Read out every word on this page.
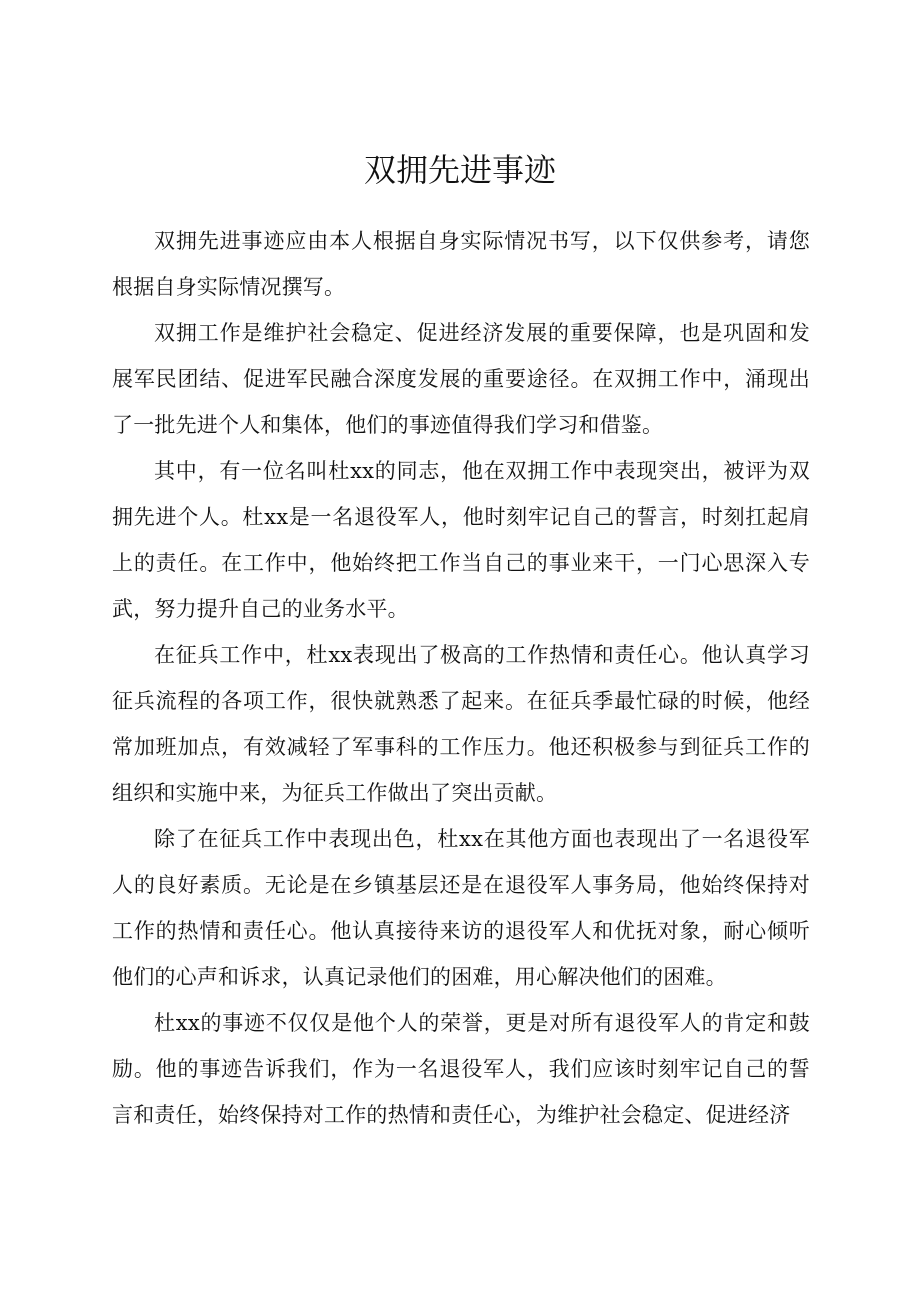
双拥先进事迹

双拥先进事迹应由本人根据自身实际情况书写，以下仅供参考，请您根据自身实际情况撰写。

双拥工作是维护社会稳定、促进经济发展的重要保障，也是巩固和发展军民团结、促进军民融合深度发展的重要途径。在双拥工作中，涌现出了一批先进个人和集体，他们的事迹值得我们学习和借鉴。

其中，有一位名叫杜xx的同志，他在双拥工作中表现突出，被评为双拥先进个人。杜xx是一名退役军人，他时刻牢记自己的誓言，时刻扛起肩上的责任。在工作中，他始终把工作当自己的事业来干，一门心思深入专武，努力提升自己的业务水平。

在征兵工作中，杜xx表现出了极高的工作热情和责任心。他认真学习征兵流程的各项工作，很快就熟悉了起来。在征兵季最忙碌的时候，他经常加班加点，有效减轻了军事科的工作压力。他还积极参与到征兵工作的组织和实施中来，为征兵工作做出了突出贡献。

除了在征兵工作中表现出色，杜xx在其他方面也表现出了一名退役军人的良好素质。无论是在乡镇基层还是在退役军人事务局，他始终保持对工作的热情和责任心。他认真接待来访的退役军人和优抚对象，耐心倾听他们的心声和诉求，认真记录他们的困难，用心解决他们的困难。

杜xx的事迹不仅仅是他个人的荣誉，更是对所有退役军人的肯定和鼓励。他的事迹告诉我们，作为一名退役军人，我们应该时刻牢记自己的誓言和责任，始终保持对工作的热情和责任心，为维护社会稳定、促进经济
